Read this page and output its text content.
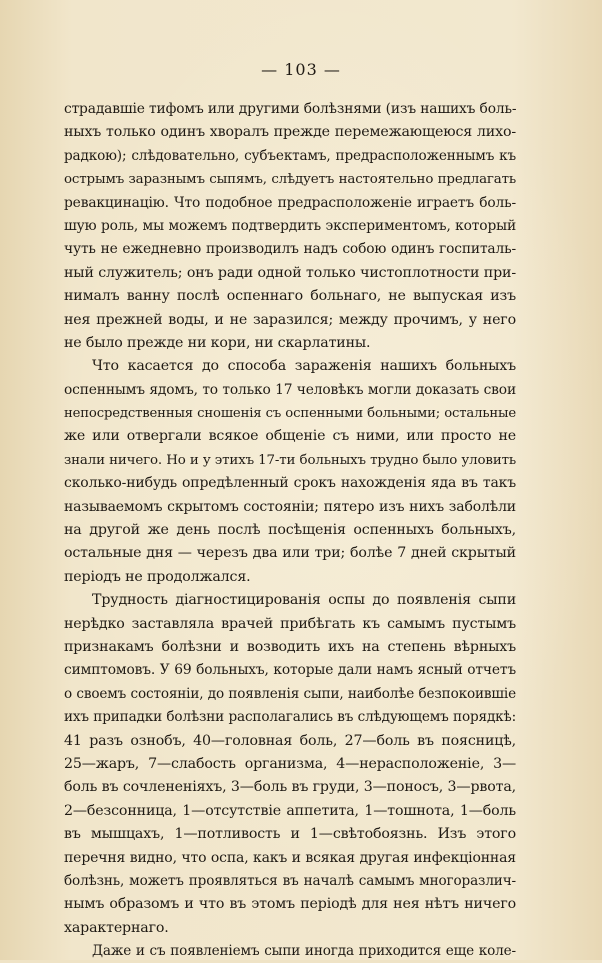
— 103 —
страдавшіе тифомъ или другими болѣзнями (изъ нашихъ боль-
ныхъ только одинъ хворалъ прежде перемежающеюся лихо-
радкою); слѣдовательно, субъектамъ, предрасположеннымъ къ
острымъ заразнымъ сыпямъ, слѣдуетъ настоятельно предлагать
ревакцинацію. Что подобное предрасположеніе играетъ боль-
шую роль, мы можемъ подтвердить экспериментомъ, который
чуть не ежедневно производилъ надъ собою одинъ госпиталь-
ный служитель; онъ ради одной только чистоплотности при-
нималъ ванну послѣ оспеннаго больнаго, не выпуская изъ
нея прежней воды, и не заразился; между прочимъ, у него
не было прежде ни кори, ни скарлатины.
Что касается до способа зараженія нашихъ больныхъ
оспеннымъ ядомъ, то только 17 человѣкъ могли доказать свои
непосредственныя сношенія съ оспенными больными; остальные
же или отвергали всякое общеніе съ ними, или просто не
знали ничего. Но и у этихъ 17-ти больныхъ трудно было уловить
сколько-нибудь опредѣленный срокъ нахожденія яда въ такъ
называемомъ скрытомъ состояніи; пятеро изъ нихъ заболѣли
на другой же день послѣ посѣщенія оспенныхъ больныхъ,
остальные дня — черезъ два или три; болѣе 7 дней скрытый
періодъ не продолжался.
Трудность діагностицированія оспы до появленія сыпи
нерѣдко заставляла врачей прибѣгать къ самымъ пустымъ
признакамъ болѣзни и возводить ихъ на степень вѣрныхъ
симптомовъ. У 69 больныхъ, которые дали намъ ясный отчетъ
о своемъ состояніи, до появленія сыпи, наиболѣе безпокоившіе
ихъ припадки болѣзни располагались въ слѣдующемъ порядкѣ:
41 разъ ознобъ, 40—головная боль, 27—боль въ поясницѣ,
25—жаръ, 7—слабость организма, 4—нерасположеніе, 3—
боль въ сочлененіяхъ, 3—боль въ груди, 3—поносъ, 3—рвота,
2—безсонница, 1—отсутствіе аппетита, 1—тошнота, 1—боль
въ мышцахъ, 1—потливость и 1—свѣтобоязнь. Изъ этого
перечня видно, что оспа, какъ и всякая другая инфекціонная
болѣзнь, можетъ проявляться въ началѣ самымъ многоразлич-
нымъ образомъ и что въ этомъ періодѣ для нея нѣтъ ничего
характернаго.
Даже и съ появленіемъ сыпи иногда приходится еще коле-
